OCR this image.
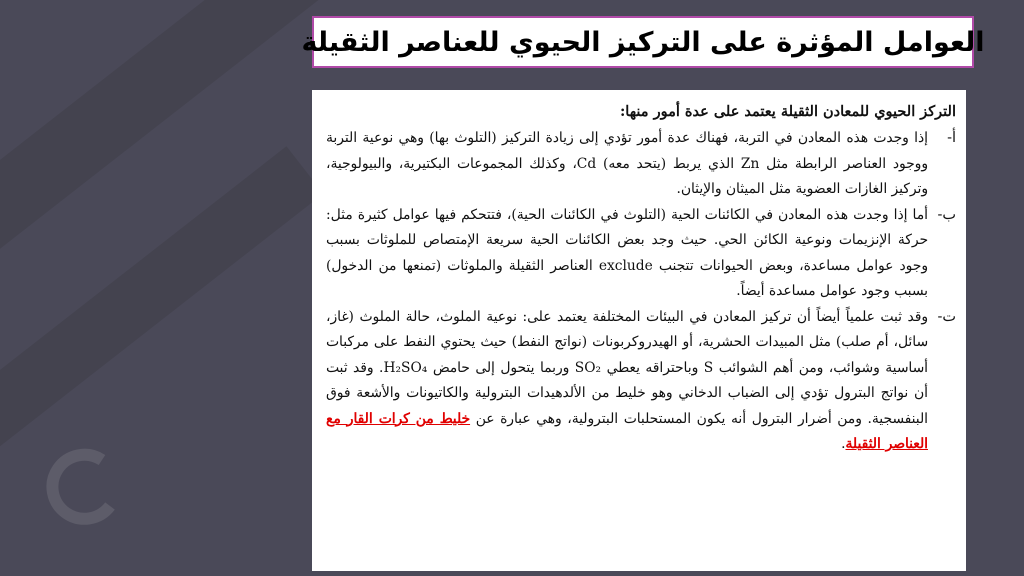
العوامل المؤثرة على التركيز الحيوي للعناصر الثقيلة
التركز الحيوي للمعادن الثقيلة يعتمد على عدة أمور منها:
أ-
إذا وجدت هذه المعادن في التربة، فهناك عدة أمور تؤدي إلى زيادة التركيز (التلوث بها) وهي نوعية التربة ووجود العناصر الرابطة مثل Zn الذي يربط (يتحد معه) Cd، وكذلك المجموعات البكتيرية، والبيولوجية، وتركيز الغازات العضوية مثل الميثان والإيثان.
ب-
أما إذا وجدت هذه المعادن في الكائنات الحية (التلوث في الكائنات الحية)، فتتحكم فيها عوامل كثيرة مثل: حركة الإنزيمات ونوعية الكائن الحي. حيث وجد بعض الكائنات الحية سريعة الإمتصاص للملوثات بسبب وجود عوامل مساعدة، وبعض الحيوانات تتجنب exclude العناصر الثقيلة والملوثات (تمنعها من الدخول) بسبب وجود عوامل مساعدة أيضاً.
ت-
وقد ثبت علمياً أيضاً أن تركيز المعادن في البيئات المختلفة يعتمد على: نوعية الملوث، حالة الملوث (غاز، سائل، أم صلب) مثل المبيدات الحشرية، أو الهيدروكربونات (نواتج النفط) حيث يحتوي النفط على مركبات أساسية وشوائب، ومن أهم الشوائب S وباحتراقه يعطي SO₂ وربما يتحول إلى حامض H₂SO₄. وقد ثبت أن نواتج البترول تؤدي إلى الضباب الدخاني وهو خليط من الألدهيدات البترولية والكاتيونات والأشعة فوق البنفسجية. ومن أضرار البترول أنه يكون المستحلبات البترولية، وهي عبارة عن خليط من كرات القار مع العناصر الثقيلة.
